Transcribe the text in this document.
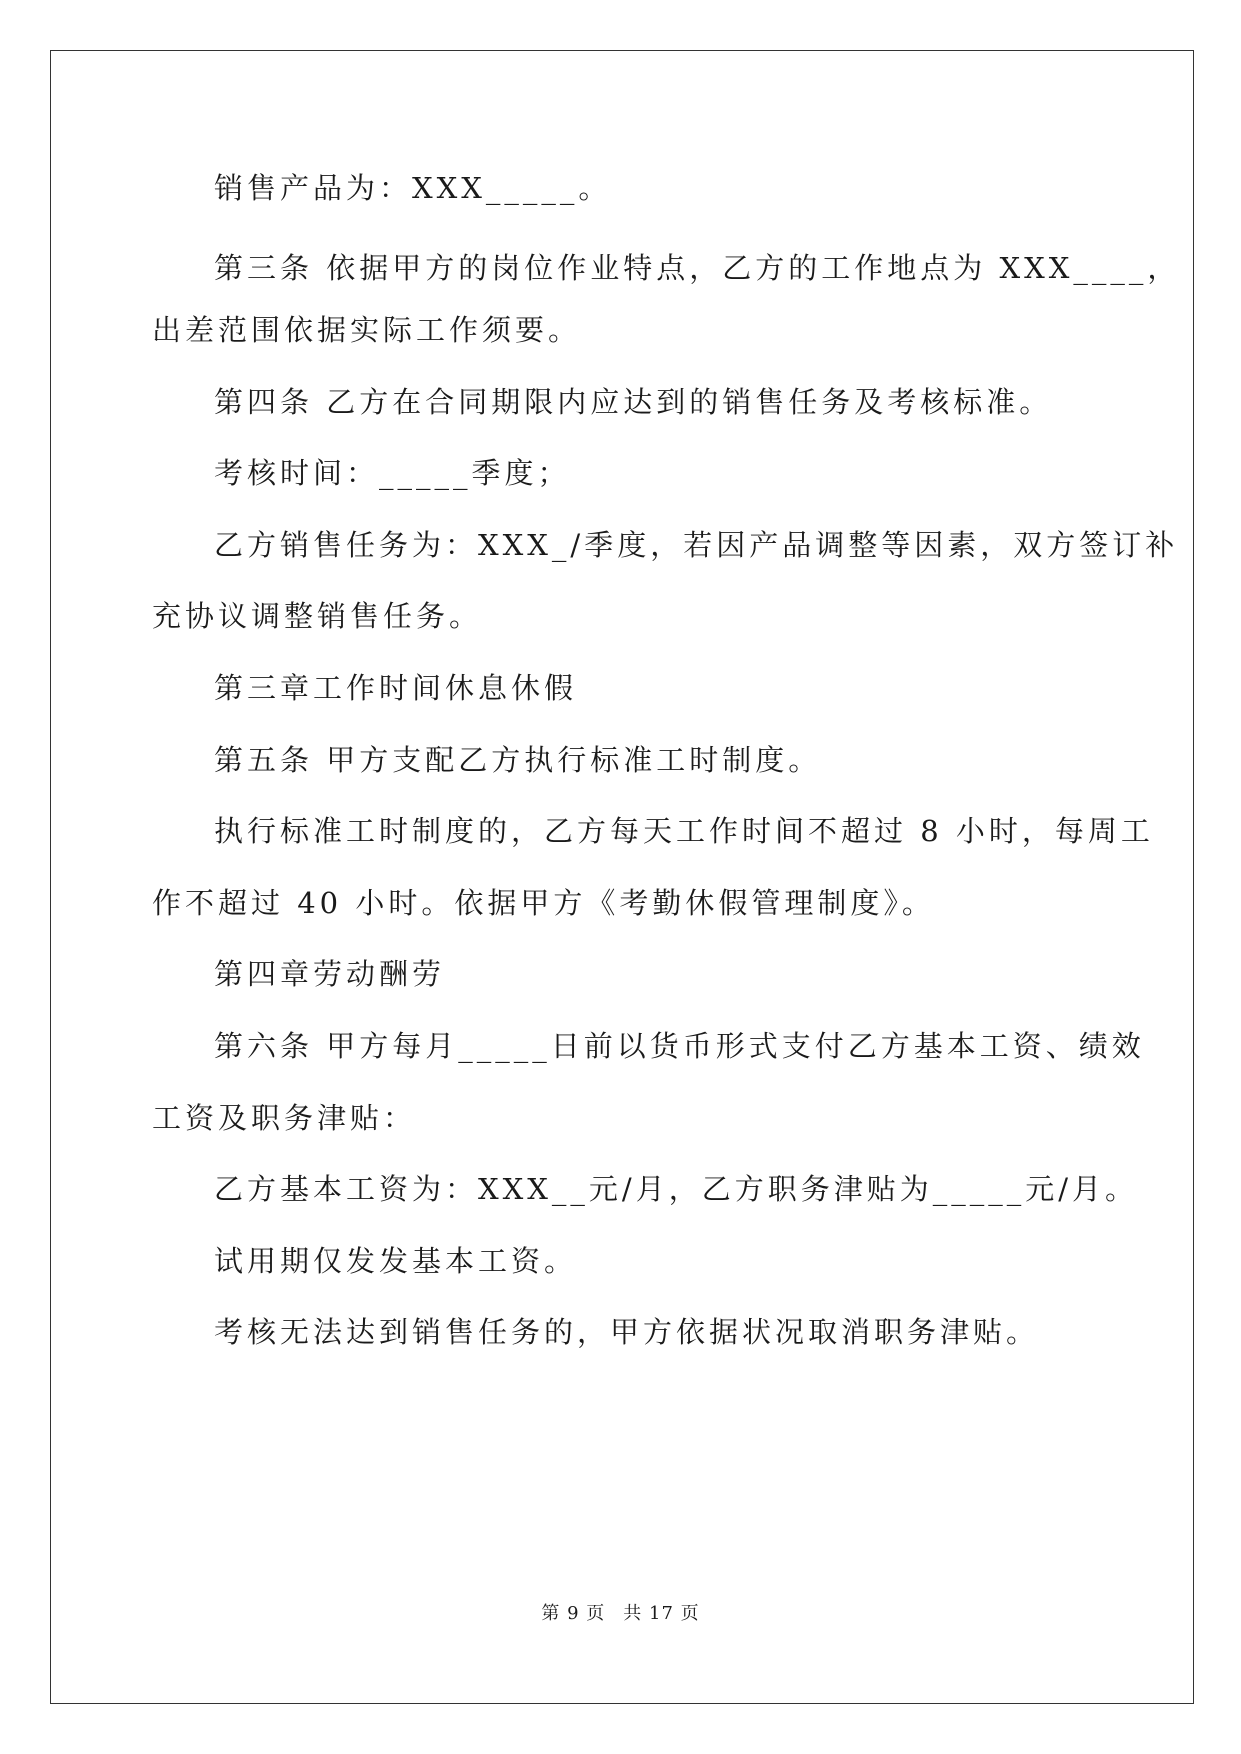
销售产品为：XXX_____。
第三条 依据甲方的岗位作业特点，乙方的工作地点为 XXX____，
出差范围依据实际工作须要。
第四条 乙方在合同期限内应达到的销售任务及考核标准。
考核时间：_____季度；
乙方销售任务为：XXX_/季度，若因产品调整等因素，双方签订补
充协议调整销售任务。
第三章工作时间休息休假
第五条 甲方支配乙方执行标准工时制度。
执行标准工时制度的，乙方每天工作时间不超过 8 小时，每周工
作不超过 40 小时。依据甲方《考勤休假管理制度》。
第四章劳动酬劳
第六条 甲方每月_____日前以货币形式支付乙方基本工资、绩效
工资及职务津贴：
乙方基本工资为：XXX__元/月，乙方职务津贴为_____元/月。
试用期仅发发基本工资。
考核无法达到销售任务的，甲方依据状况取消职务津贴。
第 9 页 共 17 页
